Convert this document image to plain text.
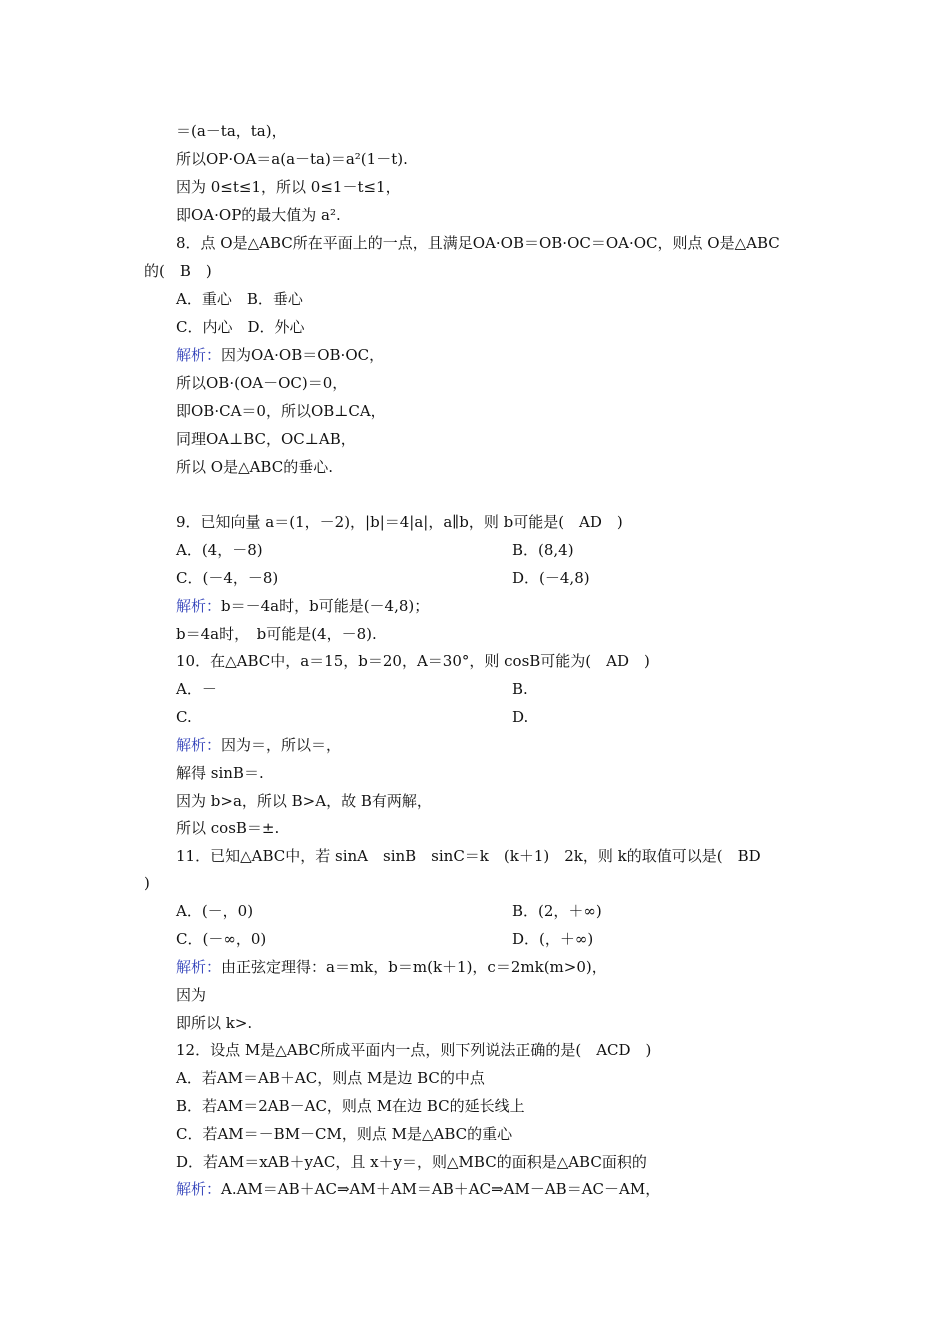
＝(a－ta，ta)，
所以OP·OA＝a(a－ta)＝a²(1－t).
因为 0≤t≤1，所以 0≤1－t≤1，
即OA·OP的最大值为 a².
8．点 O是△ABC所在平面上的一点，且满足OA·OB＝OB·OC＝OA·OC，则点 O是△ABC
的(　B　)
A．重心　B．垂心
C．内心　D．外心
解析：因为OA·OB＝OB·OC，
所以OB·(OA－OC)＝0，
即OB·CA＝0，所以OB⊥CA，
同理OA⊥BC，OC⊥AB，
所以 O是△ABC的垂心.
9．已知向量 a＝(1，－2)，|b|＝4|a|，a∥b，则 b可能是(　AD　)
A．(4，－8)	B．(8,4)
C．(－4，－8)	D．(－4,8)
解析：b＝－4a时，b可能是(－4,8)；
b＝4a时，　b可能是(4，－8).
10．在△ABC中，a＝15，b＝20，A＝30°，则 cosB可能为(　AD　)
A．－	B.
C.	D.
解析：因为＝，所以＝，
解得 sinB＝.
因为 b>a，所以 B>A，故 B有两解，
所以 cosB＝±.
11．已知△ABC中，若 sinA　sinB　sinC＝k　(k＋1)　2k，则 k的取值可以是(　BD
)
A．(－，0)	B．(2，＋∞)
C．(－∞，0)	D．(，＋∞)
解析：由正弦定理得：a＝mk，b＝m(k＋1)，c＝2mk(m>0)，
因为
即所以 k>.
12．设点 M是△ABC所成平面内一点，则下列说法正确的是(　ACD　)
A．若AM＝AB＋AC，则点 M是边 BC的中点
B．若AM＝2AB－AC，则点 M在边 BC的延长线上
C．若AM＝－BM－CM，则点 M是△ABC的重心
D．若AM＝xAB＋yAC，且 x＋y＝，则△MBC的面积是△ABC面积的
解析：A.AM＝AB＋AC⇒AM＋AM＝AB＋AC⇒AM－AB＝AC－AM，
